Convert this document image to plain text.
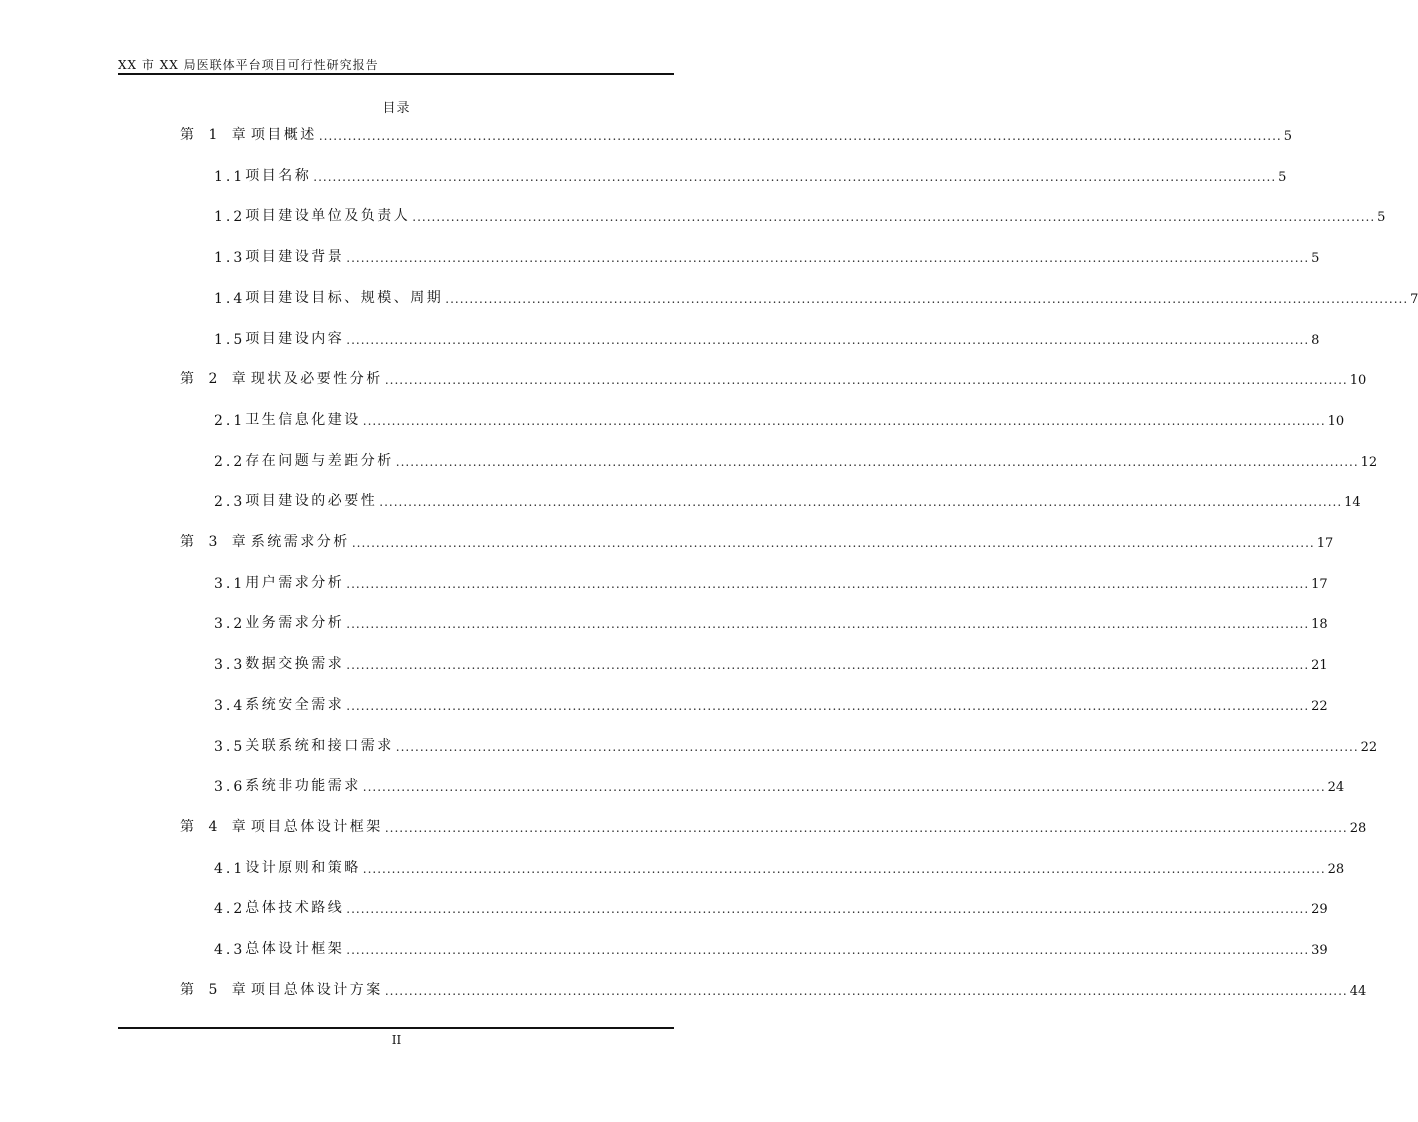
XX 市 XX 局医联体平台项目可行性研究报告
目录
第 1 章 项目概述 ........................................................................................................................................................................................................ 5
1.1 项目名称 ........................................................................................................................................................................................................ 5
1.2 项目建设单位及负责人 ........................................................................................................................................................................................................ 5
1.3 项目建设背景 ........................................................................................................................................................................................................ 5
1.4 项目建设目标、规模、周期 ........................................................................................................................................................................................................ 7
1.5 项目建设内容 ........................................................................................................................................................................................................ 8
第 2 章 现状及必要性分析 ........................................................................................................................................................................................................ 10
2.1 卫生信息化建设 ........................................................................................................................................................................................................ 10
2.2 存在问题与差距分析 ........................................................................................................................................................................................................ 12
2.3 项目建设的必要性 ........................................................................................................................................................................................................ 14
第 3 章 系统需求分析 ........................................................................................................................................................................................................ 17
3.1 用户需求分析 ........................................................................................................................................................................................................ 17
3.2 业务需求分析 ........................................................................................................................................................................................................ 18
3.3 数据交换需求 ........................................................................................................................................................................................................ 21
3.4 系统安全需求 ........................................................................................................................................................................................................ 22
3.5 关联系统和接口需求 ........................................................................................................................................................................................................ 22
3.6 系统非功能需求 ........................................................................................................................................................................................................ 24
第 4 章 项目总体设计框架 ........................................................................................................................................................................................................ 28
4.1 设计原则和策略 ........................................................................................................................................................................................................ 28
4.2 总体技术路线 ........................................................................................................................................................................................................ 29
4.3 总体设计框架 ........................................................................................................................................................................................................ 39
第 5 章 项目总体设计方案 ........................................................................................................................................................................................................ 44
II
